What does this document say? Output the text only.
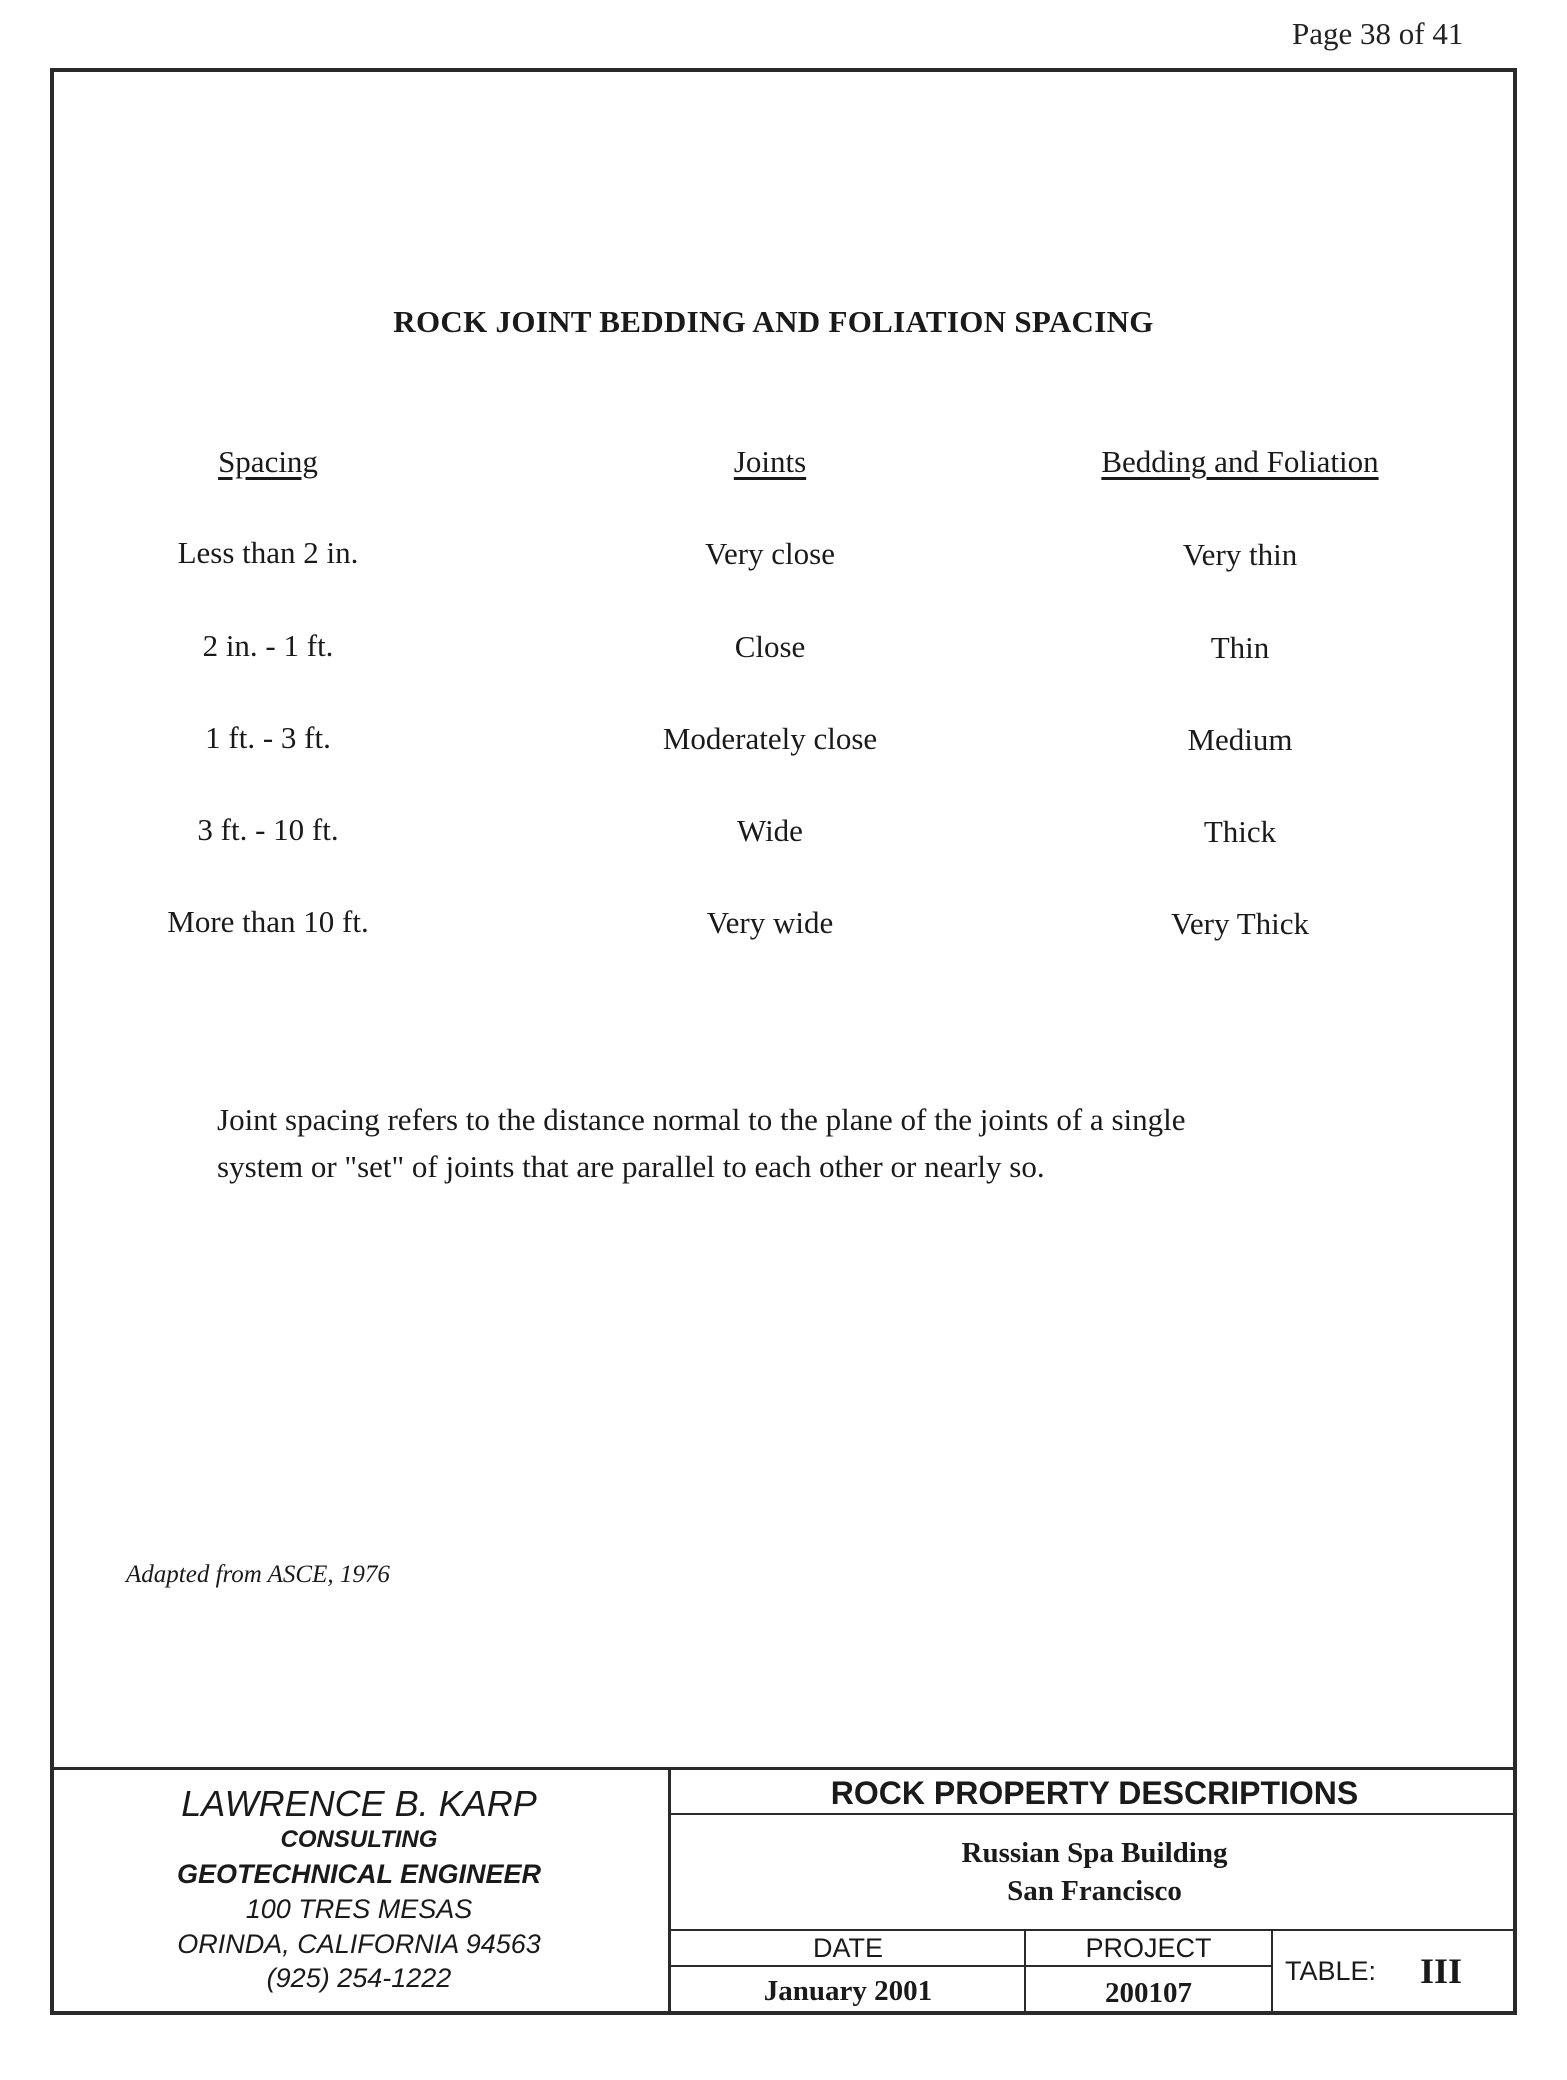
Page 38 of 41
ROCK JOINT BEDDING AND FOLIATION SPACING
Spacing	Joints	Bedding and Foliation
Less than 2 in.	Very close	Very thin
2 in. - 1 ft.	Close	Thin
1 ft. - 3 ft.	Moderately close	Medium
3 ft. - 10 ft.	Wide	Thick
More than 10 ft.	Very wide	Very Thick
Joint spacing refers to the distance normal to the plane of the joints of a single
system or "set" of joints that are parallel to each other or nearly so.
Adapted from ASCE, 1976
LAWRENCE B. KARP
CONSULTING
GEOTECHNICAL ENGINEER
100 TRES MESAS
ORINDA, CALIFORNIA 94563
(925) 254-1222
ROCK PROPERTY DESCRIPTIONS
Russian Spa Building
San Francisco
DATE
January 2001
PROJECT
200107
TABLE: III
